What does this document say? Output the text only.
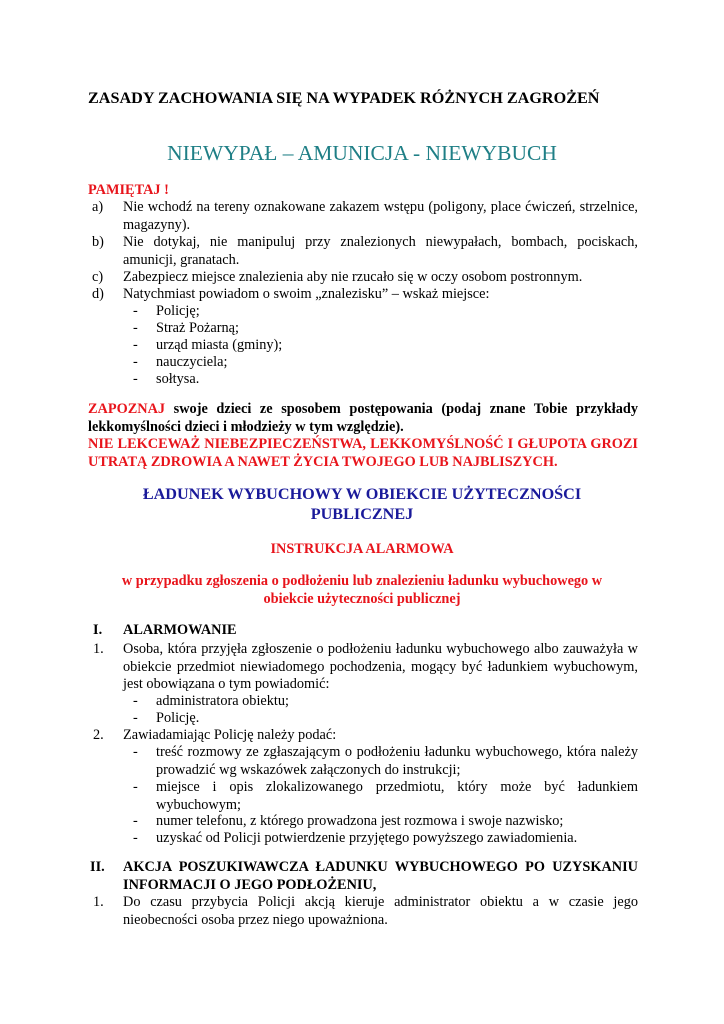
ZASADY ZACHOWANIA SIĘ NA WYPADEK RÓŻNYCH ZAGROŻEŃ
NIEWYPAŁ – AMUNICJA - NIEWYBUCH
PAMIĘTAJ !
a) Nie wchodź na tereny oznakowane zakazem wstępu (poligony, place ćwiczeń, strzelnice, magazyny).
b) Nie dotykaj, nie manipuluj przy znalezionych niewypałach, bombach, pociskach, amunicji, granatach.
c) Zabezpiecz miejsce znalezienia aby nie rzucało się w oczy osobom postronnym.
d) Natychmiast powiadom o swoim „znalezisku” – wskaż miejsce:
- Policję;
- Straż Pożarną;
- urząd miasta (gminy);
- nauczyciela;
- sołtysa.
ZAPOZNAJ swoje dzieci ze sposobem postępowania (podaj znane Tobie przykłady lekkomyślności dzieci i młodzieży w tym względzie).
NIE LEKCEWAŻ NIEBEZPIECZEŃSTWA, LEKKOMYŚLNOŚĆ I GŁUPOTA GROZI UTRATĄ ZDROWIA A NAWET ŻYCIA TWOJEGO LUB NAJBLISZYCH.
ŁADUNEK WYBUCHOWY W OBIEKCIE UŻYTECZNOŚCI
PUBLICZNEJ
INSTRUKCJA ALARMOWA
w przypadku zgłoszenia o podłożeniu lub znalezieniu ładunku wybuchowego w obiekcie użyteczności publicznej
I. ALARMOWANIE
1. Osoba, która przyjęła zgłoszenie o podłożeniu ładunku wybuchowego albo zauważyła w obiekcie przedmiot niewiadomego pochodzenia, mogący być ładunkiem wybuchowym, jest obowiązana o tym powiadomić:
- administratora obiektu;
- Policję.
2. Zawiadamiając Policję należy podać:
- treść rozmowy ze zgłaszającym o podłożeniu ładunku wybuchowego, która należy prowadzić wg wskazówek załączonych do instrukcji;
- miejsce i opis zlokalizowanego przedmiotu, który może być ładunkiem wybuchowym;
- numer telefonu, z którego prowadzona jest rozmowa i swoje nazwisko;
- uzyskać od Policji potwierdzenie przyjętego powyższego zawiadomienia.
II. AKCJA POSZUKIWAWCZA ŁADUNKU WYBUCHOWEGO PO UZYSKANIU INFORMACJI O JEGO PODŁOŻENIU,
1. Do czasu przybycia Policji akcją kieruje administrator obiektu a w czasie jego nieobecności osoba przez niego upoważniona.
